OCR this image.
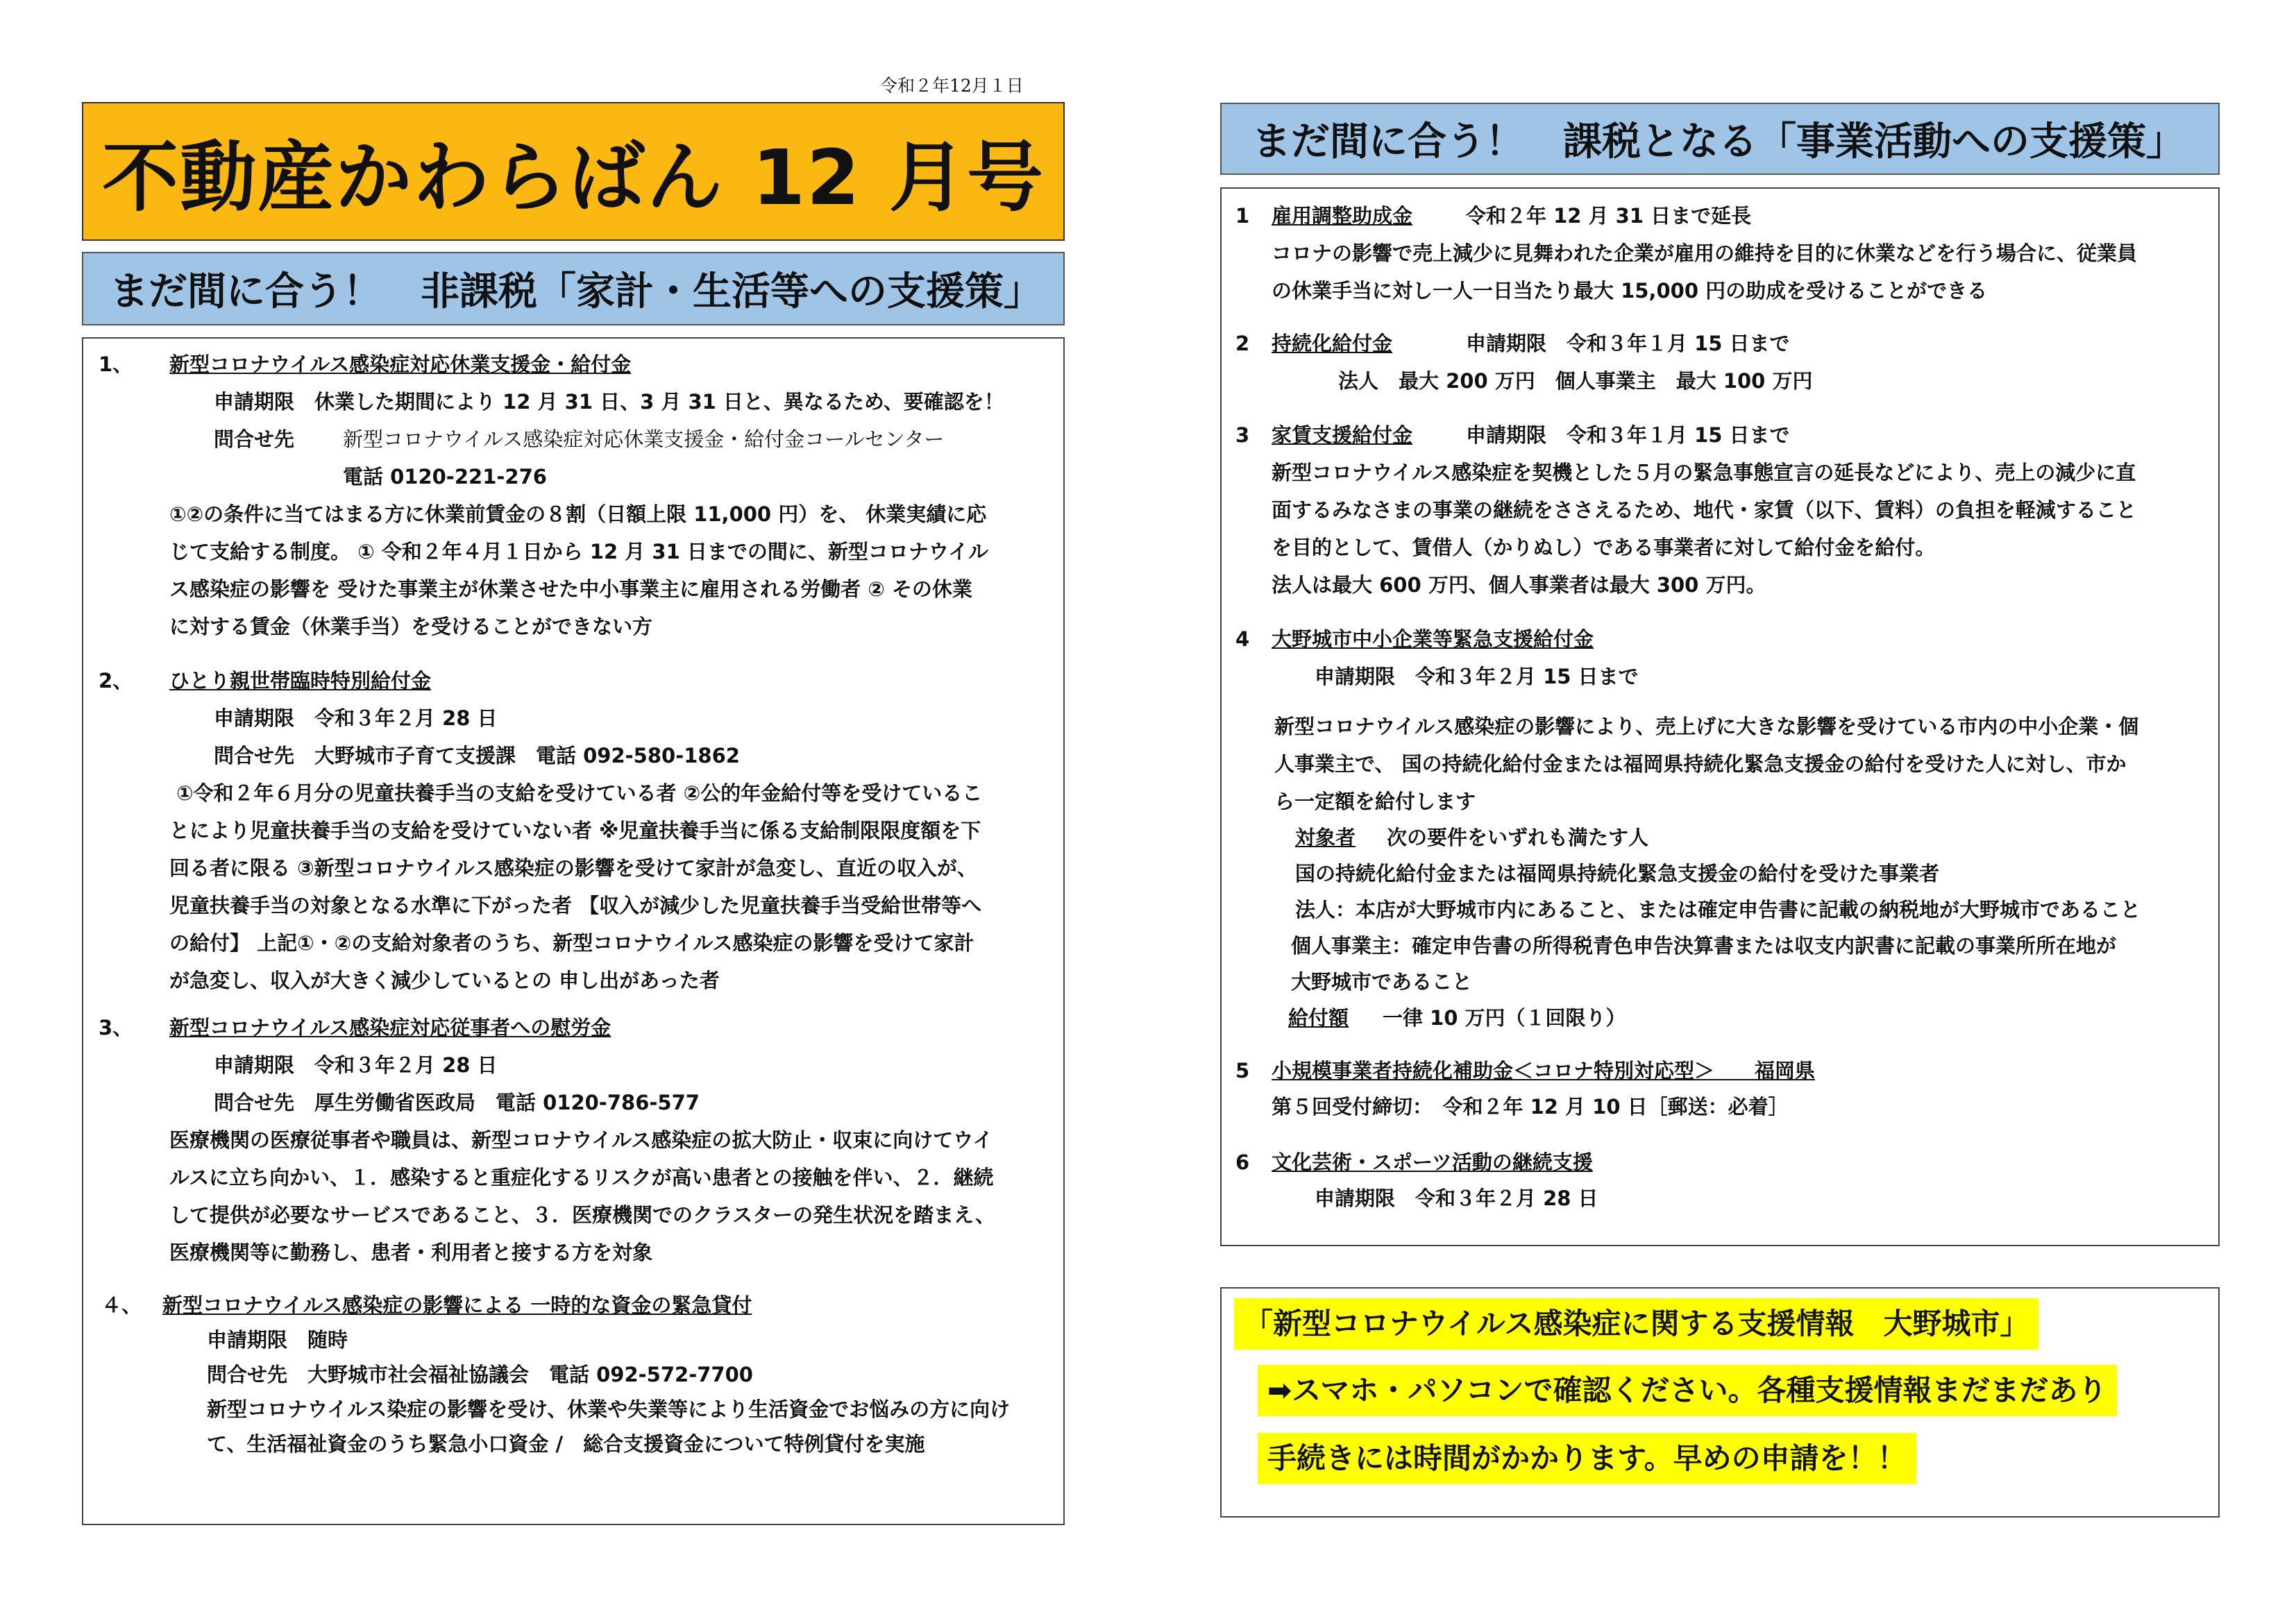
令和２年12月１日
不動産かわらばん 12 月号
まだ間に合う！　非課税「家計・生活等への支援策」
1、 新型コロナウイルス感染症対応休業支援金・給付金
申請期限　休業した期間により 12 月 31 日、3 月 31 日と、異なるため、要確認を！
問合せ先 新型コロナウイルス感染症対応休業支援金・給付金コールセンター
電話 0120-221-276
①②の条件に当てはまる方に休業前賃金の８割（日額上限 11,000 円）を、 休業実績に応
じて支給する制度。 ① 令和２年４月１日から 12 月 31 日までの間に、新型コロナウイル
ス感染症の影響を 受けた事業主が休業させた中小事業主に雇用される労働者 ② その休業
に対する賃金（休業手当）を受けることができない方
2、 ひとり親世帯臨時特別給付金
申請期限　令和３年２月 28 日
問合せ先　大野城市子育て支援課　電話 092-580-1862
①令和２年６月分の児童扶養手当の支給を受けている者 ②公的年金給付等を受けているこ
とにより児童扶養手当の支給を受けていない者 ※児童扶養手当に係る支給制限限度額を下
回る者に限る ③新型コロナウイルス感染症の影響を受けて家計が急変し、直近の収入が、
児童扶養手当の対象となる水準に下がった者 【収入が減少した児童扶養手当受給世帯等へ
の給付】 上記①・②の支給対象者のうち、新型コロナウイルス感染症の影響を受けて家計
が急変し、収入が大きく減少しているとの 申し出があった者
3、 新型コロナウイルス感染症対応従事者への慰労金
申請期限　令和３年２月 28 日
問合せ先　厚生労働省医政局　電話 0120-786-577
医療機関の医療従事者や職員は、新型コロナウイルス感染症の拡大防止・収束に向けてウイ
ルスに立ち向かい、１．感染すると重症化するリスクが高い患者との接触を伴い、２．継続
して提供が必要なサービスであること、３．医療機関でのクラスターの発生状況を踏まえ、
医療機関等に勤務し、患者・利用者と接する方を対象
４、 新型コロナウイルス感染症の影響による 一時的な資金の緊急貸付
申請期限　随時
問合せ先　大野城市社会福祉協議会　電話 092-572-7700
新型コロナウイルス染症の影響を受け、休業や失業等により生活資金でお悩みの方に向け
て、生活福祉資金のうち緊急小口資金 /　総合支援資金について特例貸付を実施
まだ間に合う！　課税となる「事業活動への支援策」
1 雇用調整助成金	令和２年 12 月 31 日まで延長
コロナの影響で売上減少に見舞われた企業が雇用の維持を目的に休業などを行う場合に、従業員
の休業手当に対し一人一日当たり最大 15,000 円の助成を受けることができる
2 持続化給付金	申請期限　令和３年１月 15 日まで
法人　最大 200 万円　個人事業主　最大 100 万円
3 家賃支援給付金	申請期限　令和３年１月 15 日まで
新型コロナウイルス感染症を契機とした５月の緊急事態宣言の延長などにより、売上の減少に直
面するみなさまの事業の継続をささえるため、地代・家賃（以下、賃料）の負担を軽減すること
を目的として、賃借人（かりぬし）である事業者に対して給付金を給付。
法人は最大 600 万円、個人事業者は最大 300 万円。
4 大野城市中小企業等緊急支援給付金
申請期限　令和３年２月 15 日まで
新型コロナウイルス感染症の影響により、売上げに大きな影響を受けている市内の中小企業・個
人事業主で、 国の持続化給付金または福岡県持続化緊急支援金の給付を受けた人に対し、市か
ら一定額を給付します
対象者 次の要件をいずれも満たす人
国の持続化給付金または福岡県持続化緊急支援金の給付を受けた事業者
法人：本店が大野城市内にあること、または確定申告書に記載の納税地が大野城市であること
個人事業主：確定申告書の所得税青色申告決算書または収支内訳書に記載の事業所所在地が
大野城市であること
給付額 一律 10 万円（１回限り）
5 小規模事業者持続化補助金＜コロナ特別対応型＞　　福岡県
第５回受付締切：　令和２年 12 月 10 日［郵送：必着］
6 文化芸術・スポーツ活動の継続支援
申請期限　令和３年２月 28 日
「新型コロナウイルス感染症に関する支援情報　大野城市」
➡スマホ・パソコンで確認ください。各種支援情報まだまだあり
手続きには時間がかかります。早めの申請を！！
